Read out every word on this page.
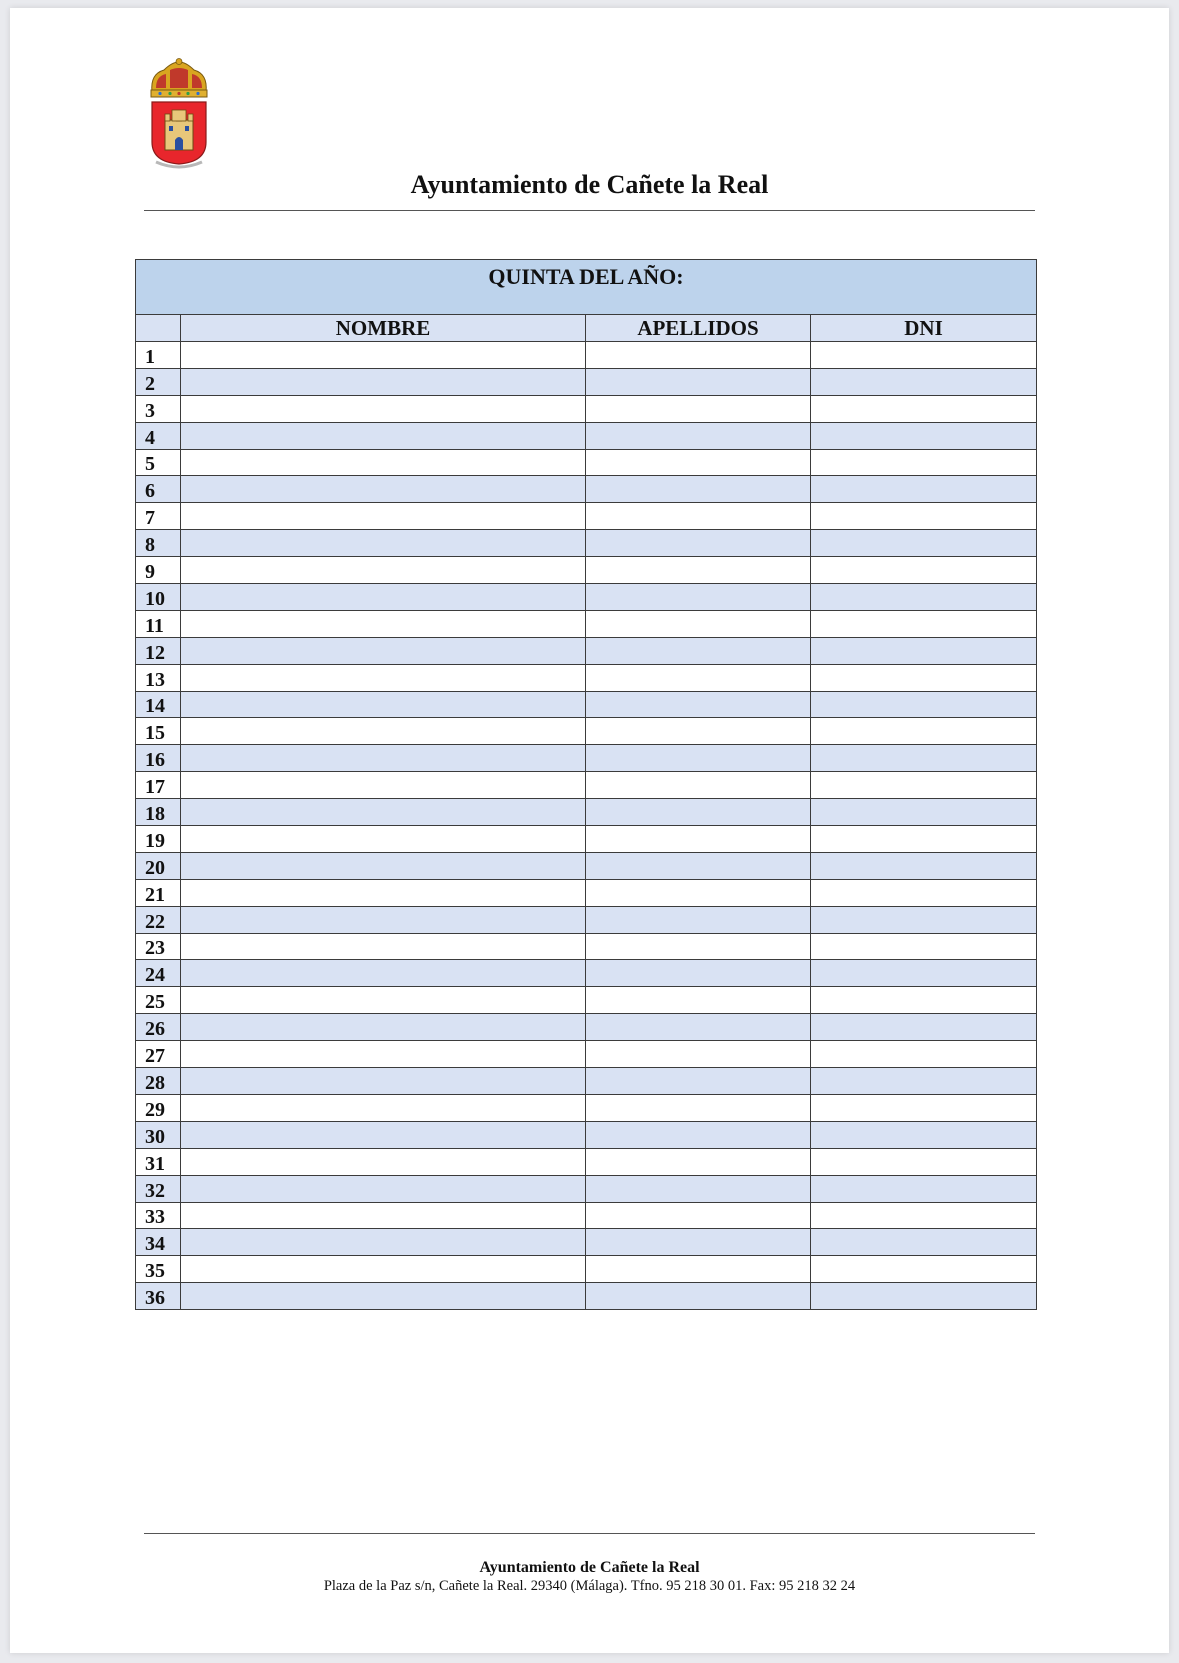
Ayuntamiento de Cañete la Real
QUINTA DEL AÑO:			
	NOMBRE	APELLIDOS	DNI
1			
2			
3			
4			
5			
6			
7			
8			
9			
10			
11			
12			
13			
14			
15			
16			
17			
18			
19			
20			
21			
22			
23			
24			
25			
26			
27			
28			
29			
30			
31			
32			
33			
34			
35			
36			
Ayuntamiento de Cañete la Real
Plaza de la Paz s/n, Cañete la Real. 29340 (Málaga). Tfno. 95 218 30 01. Fax: 95 218 32 24
